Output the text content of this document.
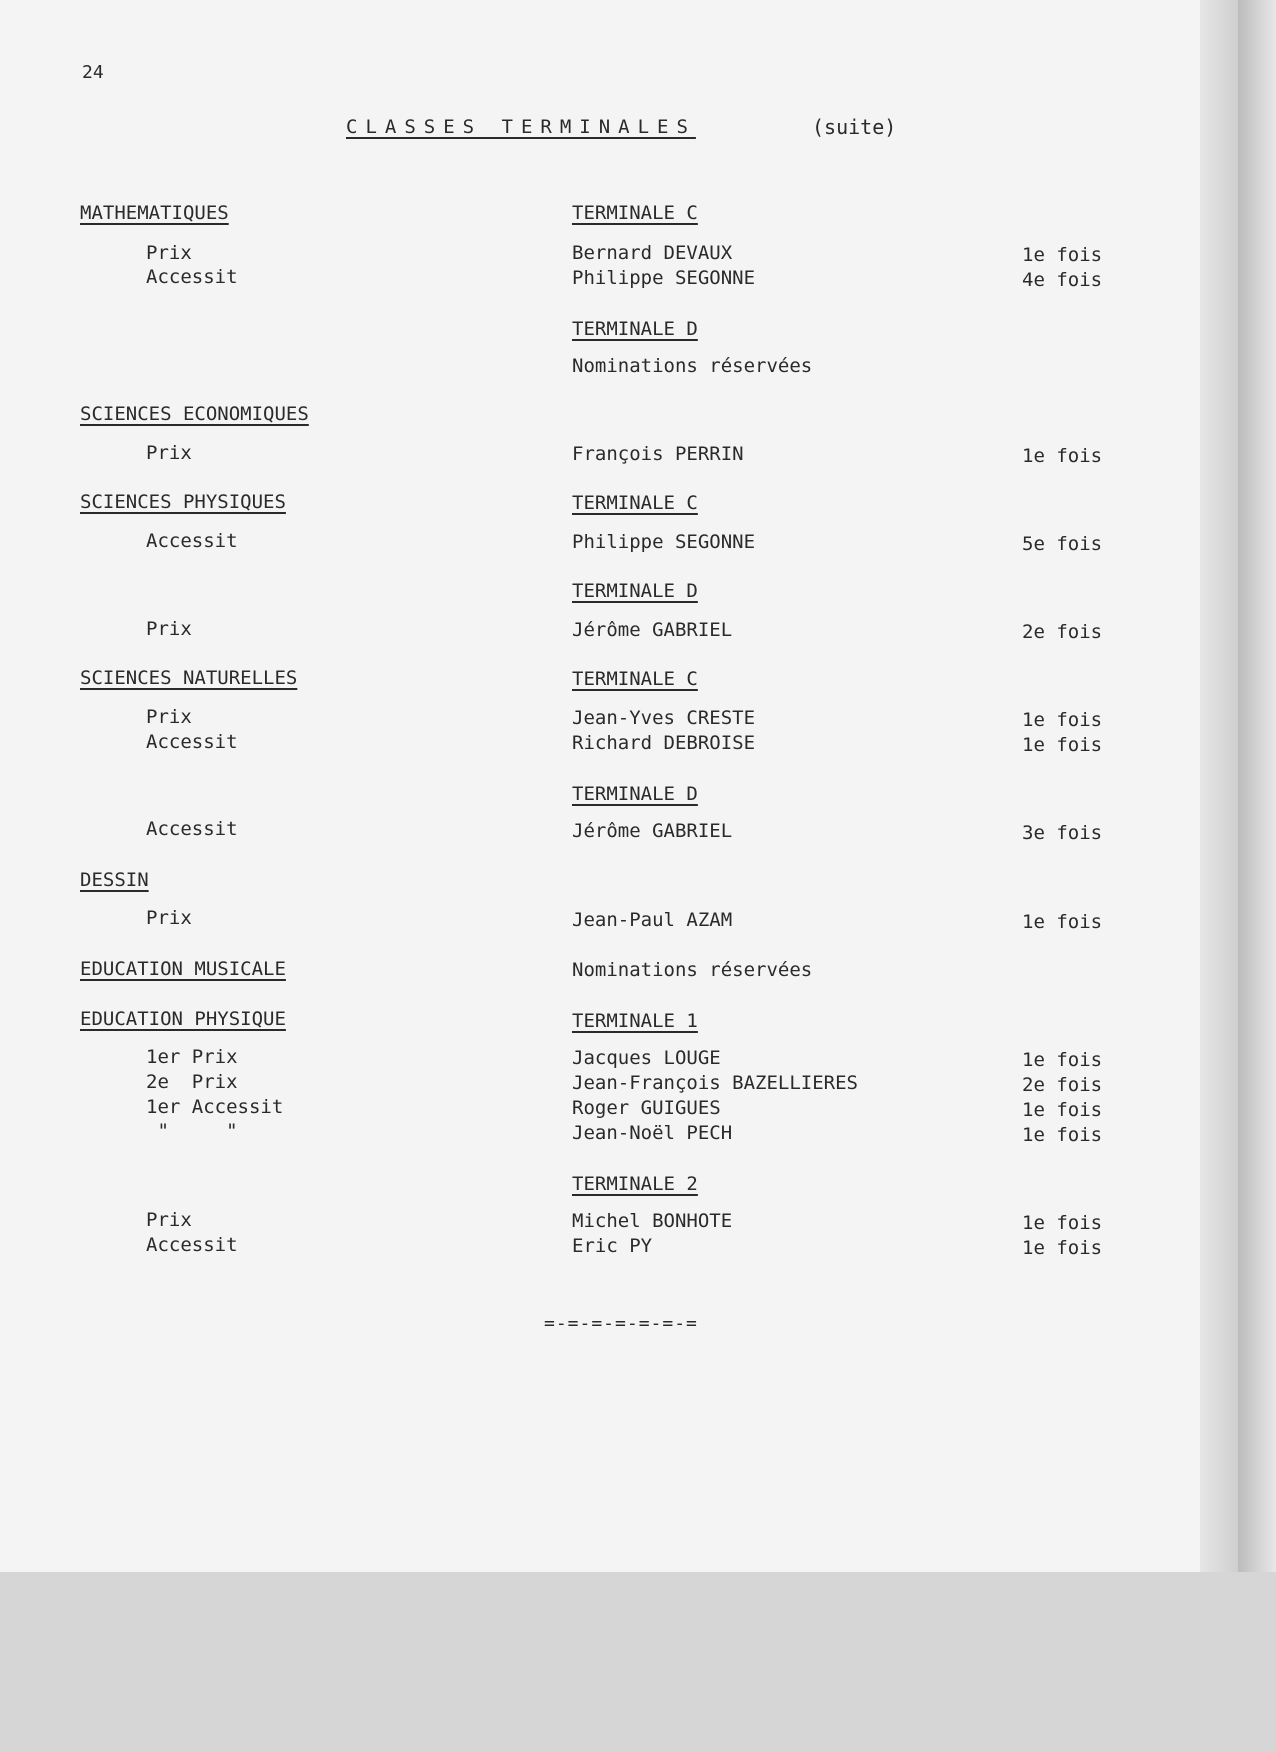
24
CLASSES TERMINALES	(suite)
MATHEMATIQUES	TERMINALE C
Prix	Bernard DEVAUX	1e fois
Accessit	Philippe SEGONNE	4e fois
TERMINALE D
Nominations réservées
SCIENCES ECONOMIQUES
Prix	François PERRIN	1e fois
SCIENCES PHYSIQUES	TERMINALE C
Accessit	Philippe SEGONNE	5e fois
TERMINALE D
Prix	Jérôme GABRIEL	2e fois
SCIENCES NATURELLES	TERMINALE C
Prix	Jean-Yves CRESTE	1e fois
Accessit	Richard DEBROISE	1e fois
TERMINALE D
Accessit	Jérôme GABRIEL	3e fois
DESSIN
Prix	Jean-Paul AZAM	1e fois
EDUCATION MUSICALE	Nominations réservées
EDUCATION PHYSIQUE	TERMINALE 1
1er Prix	Jacques LOUGE	1e fois
2e  Prix	Jean-François BAZELLIERES	2e fois
1er Accessit	Roger GUIGUES	1e fois
"     "	Jean-Noël PECH	1e fois
TERMINALE 2
Prix	Michel BONHOTE	1e fois
Accessit	Eric PY	1e fois
=-=-=-=-=-=-=
